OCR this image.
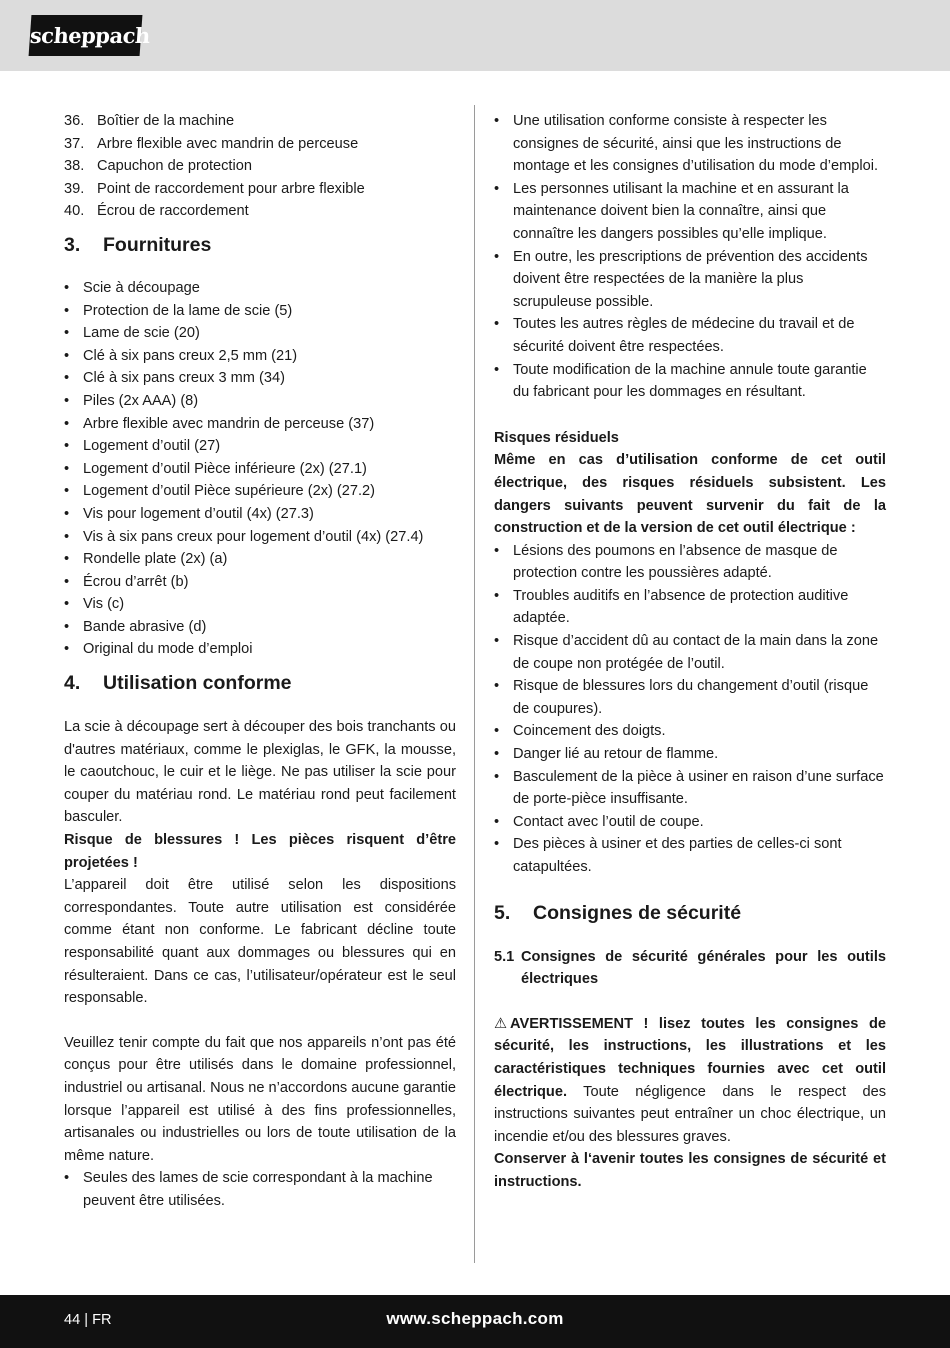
scheppach
36. Boîtier de la machine
37. Arbre flexible avec mandrin de perceuse
38. Capuchon de protection
39. Point de raccordement pour arbre flexible
40. Écrou de raccordement
3.	Fournitures
• Scie à découpage
• Protection de la lame de scie (5)
• Lame de scie (20)
• Clé à six pans creux 2,5 mm (21)
• Clé à six pans creux 3 mm (34)
• Piles (2x AAA) (8)
• Arbre flexible avec mandrin de perceuse (37)
• Logement d’outil (27)
• Logement d’outil Pièce inférieure (2x) (27.1)
• Logement d’outil Pièce supérieure (2x) (27.2)
• Vis pour logement d’outil (4x) (27.3)
• Vis à six pans creux pour logement d’outil (4x) (27.4)
• Rondelle plate (2x) (a)
• Écrou d’arrêt (b)
• Vis (c)
• Bande abrasive (d)
• Original du mode d’emploi
4.	Utilisation conforme

La scie à découpage sert à découper des bois tranchants ou d'autres matériaux, comme le plexiglas, le GFK, la mousse, le caoutchouc, le cuir et le liège. Ne pas utiliser la scie pour couper du matériau rond. Le matériau rond peut facilement basculer.

Risque de blessures ! Les pièces risquent d’être projetées !

L’appareil doit être utilisé selon les dispositions correspondantes. Toute autre utilisation est considérée comme étant non conforme. Le fabricant décline toute responsabilité quant aux dommages ou blessures qui en résulteraient. Dans ce cas, l’utilisateur/opérateur est le seul responsable.

Veuillez tenir compte du fait que nos appareils n’ont pas été conçus pour être utilisés dans le domaine professionnel, industriel ou artisanal. Nous ne n’accordons aucune garantie lorsque l’appareil est utilisé à des fins professionnelles, artisanales ou industrielles ou lors de toute utilisation de la même nature.

• Seules des lames de scie correspondant à la machine peuvent être utilisées.
• Une utilisation conforme consiste à respecter les consignes de sécurité, ainsi que les instructions de montage et les consignes d’utilisation du mode d’emploi.
• Les personnes utilisant la machine et en assurant la maintenance doivent bien la connaître, ainsi que connaître les dangers possibles qu’elle implique.
• En outre, les prescriptions de prévention des accidents doivent être respectées de la manière la plus scrupuleuse possible.
• Toutes les autres règles de médecine du travail et de sécurité doivent être respectées.
• Toute modification de la machine annule toute garantie du fabricant pour les dommages en résultant.

Risques résiduels

Même en cas d’utilisation conforme de cet outil électrique, des risques résiduels subsistent. Les dangers suivants peuvent survenir du fait de la construction et de la version de cet outil électrique :

• Lésions des poumons en l’absence de masque de protection contre les poussières adapté.
• Troubles auditifs en l’absence de protection auditive adaptée.
• Risque d’accident dû au contact de la main dans la zone de coupe non protégée de l’outil.
• Risque de blessures lors du changement d’outil (risque de coupures).
• Coincement des doigts.
• Danger lié au retour de flamme.
• Basculement de la pièce à usiner en raison d’une surface de porte-pièce insuffisante.
• Contact avec l’outil de coupe.
• Des pièces à usiner et des parties de celles-ci sont catapultées.
5.	Consignes de sécurité
5.1 Consignes de sécurité générales pour les outils électriques

⚠ AVERTISSEMENT ! lisez toutes les consignes de sécurité, les instructions, les illustrations et les caractéristiques techniques fournies avec cet outil électrique. Toute négligence dans le respect des instructions suivantes peut entraîner un choc électrique, un incendie et/ou des blessures graves.

Conserver à l‘avenir toutes les consignes de sécurité et instructions.

44 | FR	www.scheppach.com
